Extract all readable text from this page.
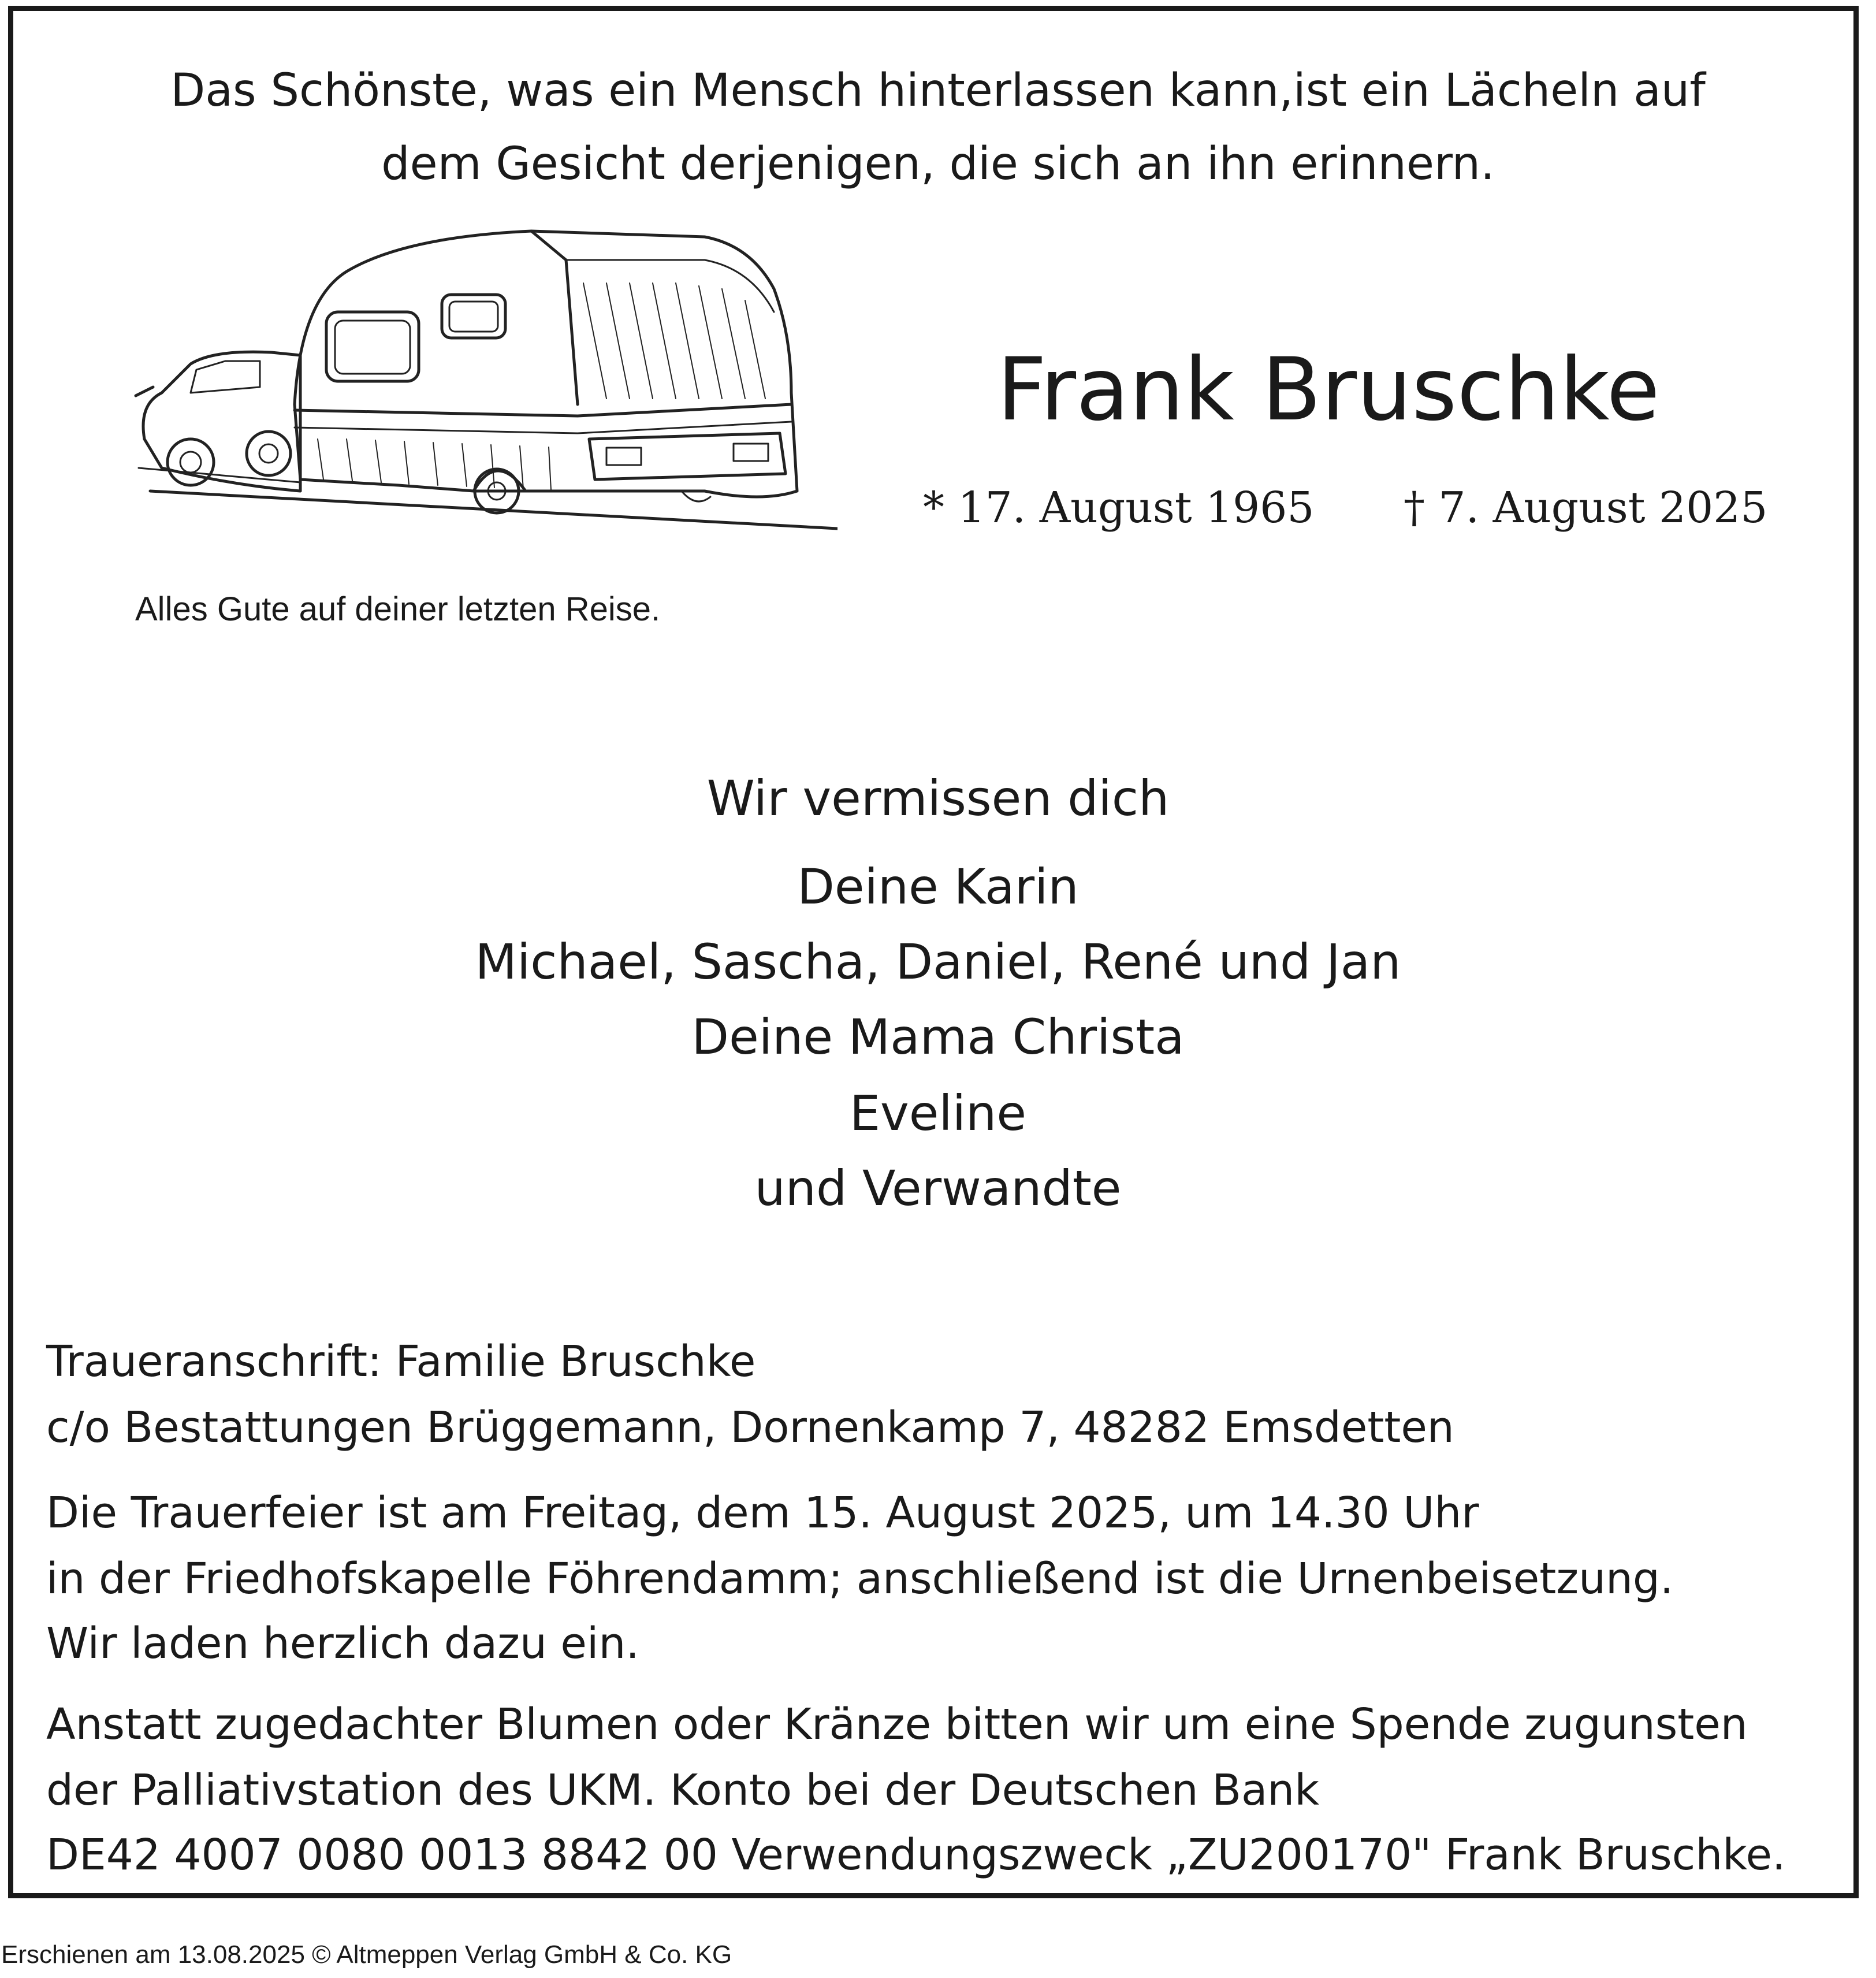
Das Schönste, was ein Mensch hinterlassen kann,ist ein Lächeln auf

dem Gesicht derjenigen, die sich an ihn erinnern.

Alles Gute auf deiner letzten Reise.

Frank Bruschke

* 17. August 1965 † 7. August 2025

Wir vermissen dich

Deine Karin

Michael, Sascha, Daniel, René und Jan

Deine Mama Christa

Eveline

und Verwandte

Traueranschrift: Familie Bruschke

c/o Bestattungen Brüggemann, Dornenkamp 7, 48282 Emsdetten

Die Trauerfeier ist am Freitag, dem 15. August 2025, um 14.30 Uhr

in der Friedhofskapelle Föhrendamm; anschließend ist die Urnenbeisetzung.

Wir laden herzlich dazu ein.

Anstatt zugedachter Blumen oder Kränze bitten wir um eine Spende zugunsten

der Palliativstation des UKM. Konto bei der Deutschen Bank

DE42 4007 0080 0013 8842 00 Verwendungszweck „ZU200170" Frank Bruschke.

Erschienen am 13.08.2025 © Altmeppen Verlag GmbH & Co. KG
